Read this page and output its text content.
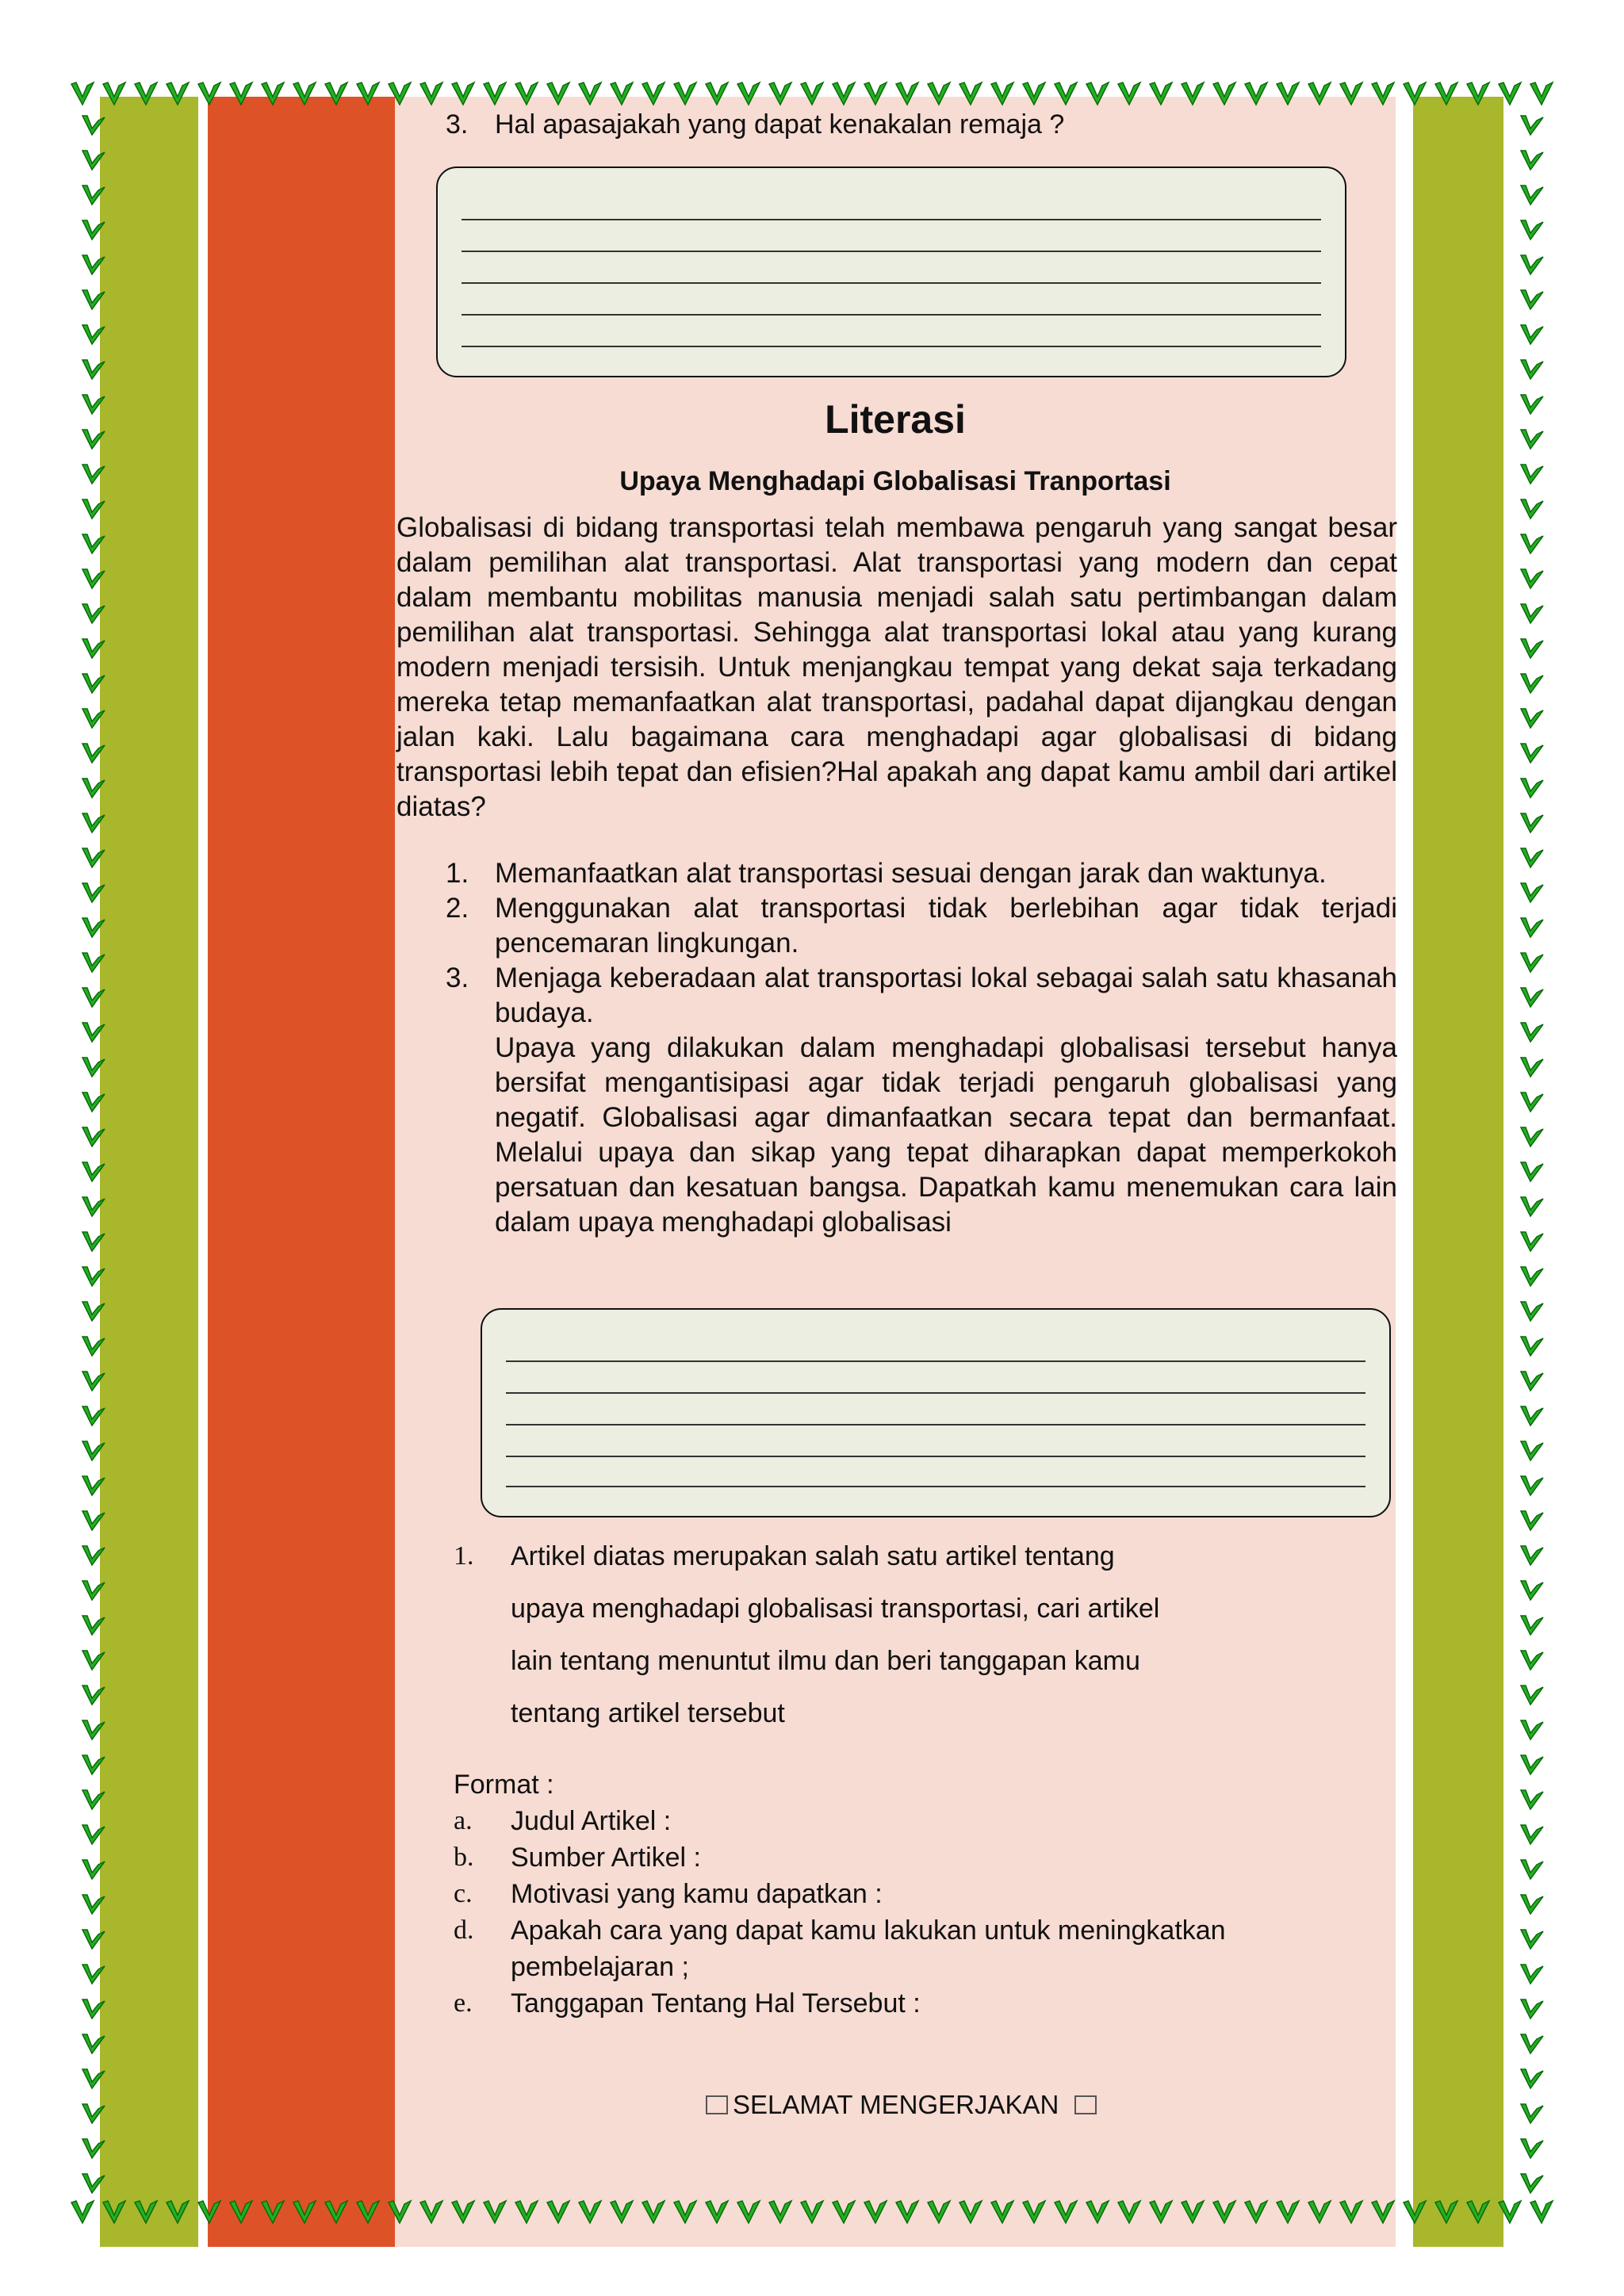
3. Hal apasajakah yang dapat kenakalan remaja ?
Literasi
Upaya Menghadapi Globalisasi Tranportasi
Globalisasi di bidang transportasi telah membawa pengaruh yang sangat besar dalam pemilihan alat transportasi. Alat transportasi yang modern dan cepat dalam membantu mobilitas manusia menjadi salah satu pertimbangan dalam pemilihan alat transportasi. Sehingga alat transportasi lokal atau yang kurang modern menjadi tersisih. Untuk menjangkau tempat yang dekat saja terkadang mereka tetap memanfaatkan alat transportasi, padahal dapat dijangkau dengan jalan kaki. Lalu bagaimana cara menghadapi agar globalisasi di bidang transportasi lebih tepat dan efisien?Hal apakah ang dapat kamu ambil dari artikel diatas?
1. Memanfaatkan alat transportasi sesuai dengan jarak dan waktunya.
2. Menggunakan alat transportasi tidak berlebihan agar tidak terjadi pencemaran lingkungan.
3. Menjaga keberadaan alat transportasi lokal sebagai salah satu khasanah budaya.
Upaya yang dilakukan dalam menghadapi globalisasi tersebut hanya bersifat mengantisipasi agar tidak terjadi pengaruh globalisasi yang negatif. Globalisasi agar dimanfaatkan secara tepat dan bermanfaat. Melalui upaya dan sikap yang tepat diharapkan dapat memperkokoh persatuan dan kesatuan bangsa. Dapatkah kamu menemukan cara lain dalam upaya menghadapi globalisasi
1.	Artikel diatas merupakan salah satu artikel tentang
upaya menghadapi globalisasi transportasi, cari artikel
lain tentang menuntut ilmu dan beri tanggapan kamu
tentang artikel tersebut
Format :
a.	Judul Artikel :
b.	Sumber Artikel :
c.	Motivasi yang kamu dapatkan :
d.	Apakah cara yang dapat kamu lakukan untuk meningkatkan pembelajaran ;
e.	Tanggapan Tentang Hal Tersebut :
SELAMAT MENGERJAKAN
